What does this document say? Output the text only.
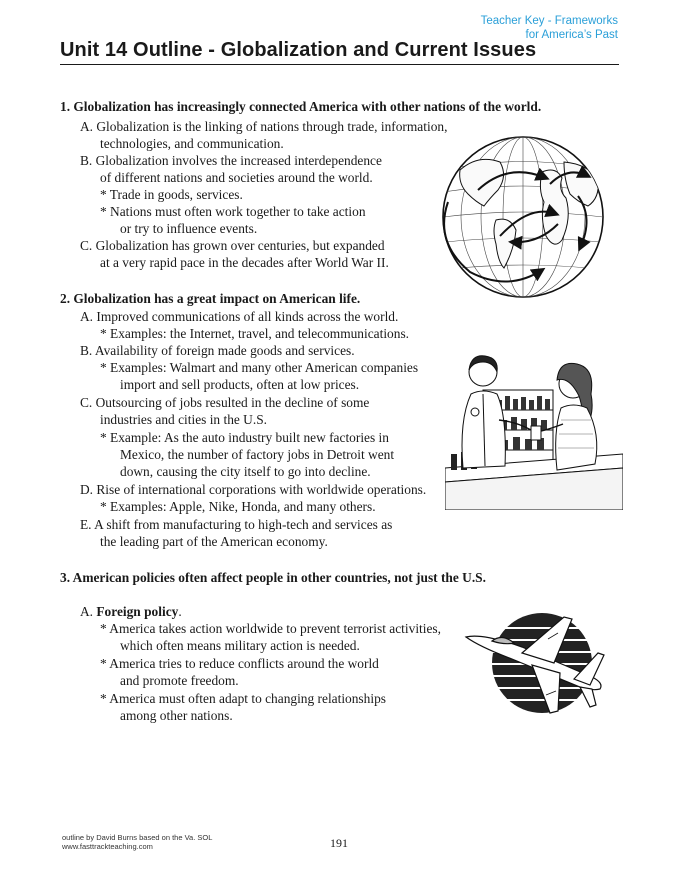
Teacher Key - Frameworks
for America’s Past
Unit 14 Outline - Globalization and Current Issues
1. Globalization has increasingly connected America with other nations of the world.
A. Globalization is the linking of nations through trade, information,
technologies, and communication.
B. Globalization involves the increased interdependence
of different nations and societies around the world.
* Trade in goods, services.
* Nations must often work together to take action
or try to influence events.
C. Globalization has grown over centuries, but expanded
at a very rapid pace in the decades after World War II.
2. Globalization has a great impact on American life.
A. Improved communications of all kinds across the world.
* Examples: the Internet, travel, and telecommunications.
B. Availability of foreign made goods and services.
* Examples: Walmart and many other American companies
import and sell products, often at low prices.
C. Outsourcing of jobs resulted in the decline of some
industries and cities in the U.S.
* Example: As the auto industry built new factories in
Mexico, the number of factory jobs in Detroit went
down, causing the city itself to go into decline.
D. Rise of international corporations with worldwide operations.
* Examples: Apple, Nike, Honda, and many others.
E. A shift from manufacturing to high-tech and services as
the leading part of the American economy.
3. American policies often affect people in other countries, not just the U.S.
A. Foreign policy.
* America takes action worldwide to prevent terrorist activities,
which often means military action is needed.
* America tries to reduce conflicts around the world
and promote freedom.
* America must often adapt to changing relationships
among other nations.
outline by David Burns based on the Va. SOL
www.fasttrackteaching.com	191
